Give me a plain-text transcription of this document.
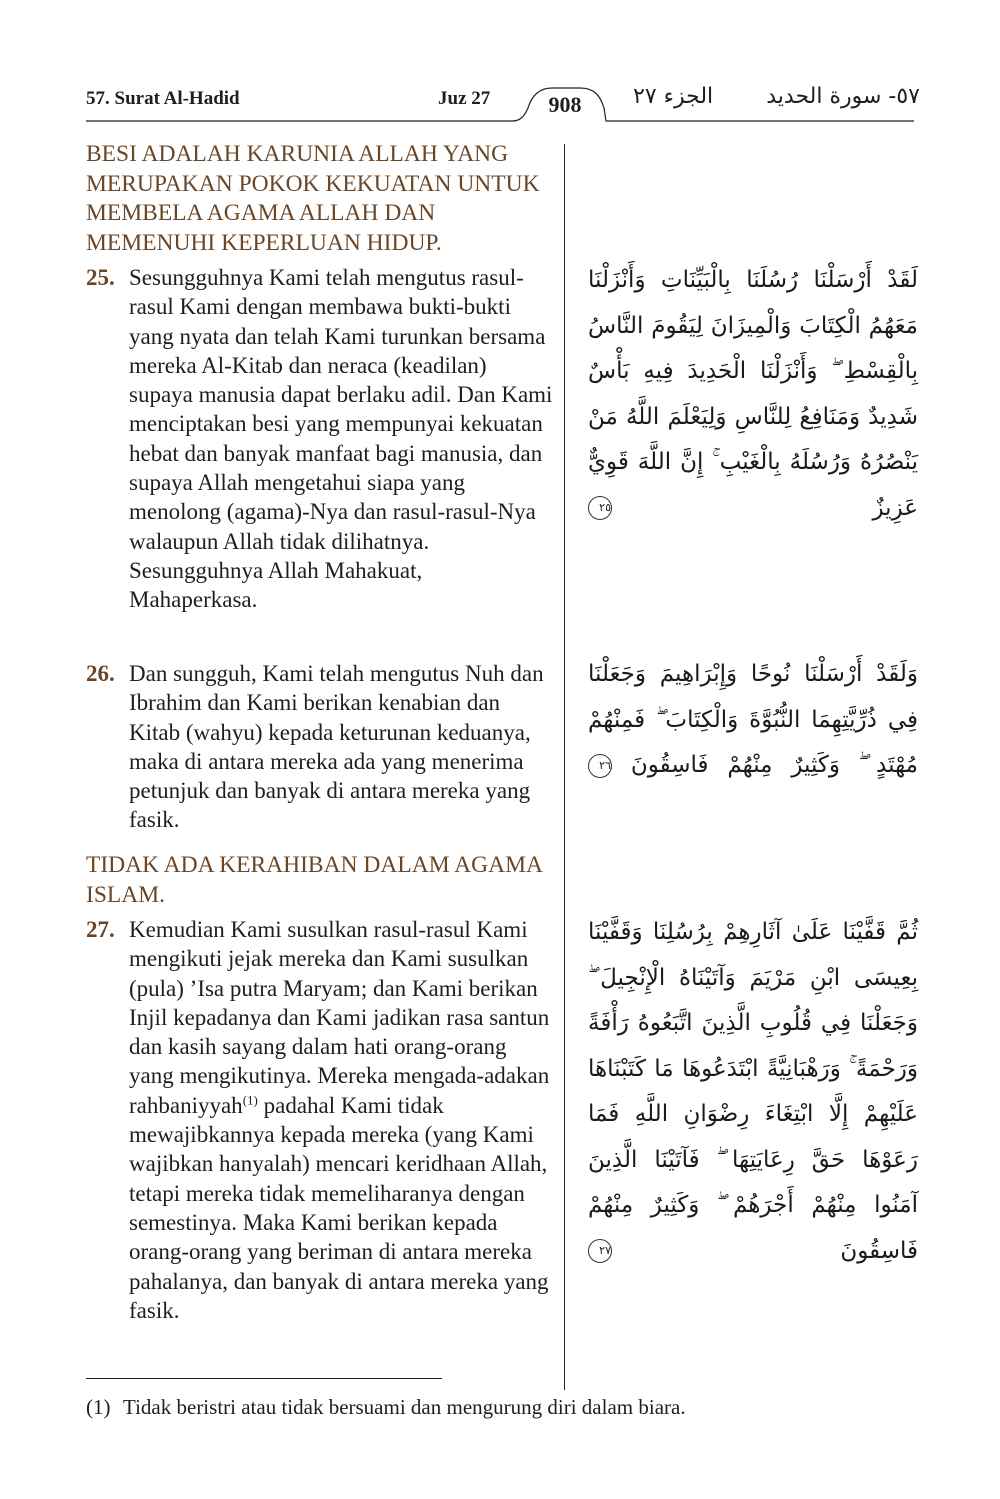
57. Surat Al-Hadid	Juz 27	908	الجزء ٢٧ ٥٧- سورة الحديد
BESI ADALAH KARUNIA ALLAH YANG MERUPAKAN POKOK KEKUATAN UNTUK MEMBELA AGAMA ALLAH DAN MEMENUHI KEPERLUAN HIDUP.
25. Sesungguhnya Kami telah mengutus rasul-rasul Kami dengan membawa bukti-bukti yang nyata dan telah Kami turunkan bersama mereka Al-Kitab dan neraca (keadilan) supaya manusia dapat berlaku adil. Dan Kami menciptakan besi yang mempunyai kekuatan hebat dan banyak manfaat bagi manusia, dan supaya Allah mengetahui siapa yang menolong (agama)-Nya dan rasul-rasul-Nya walaupun Allah tidak dilihatnya. Sesungguhnya Allah Mahakuat, Mahaperkasa.
26. Dan sungguh, Kami telah mengutus Nuh dan Ibrahim dan Kami berikan kenabian dan Kitab (wahyu) kepada keturunan keduanya, maka di antara mereka ada yang menerima petunjuk dan banyak di antara mereka yang fasik.
TIDAK ADA KERAHIBAN DALAM AGAMA ISLAM.
27. Kemudian Kami susulkan rasul-rasul Kami mengikuti jejak mereka dan Kami susulkan (pula) ’Isa putra Maryam; dan Kami berikan Injil kepadanya dan Kami jadikan rasa santun dan kasih sayang dalam hati orang-orang yang mengikutinya. Mereka mengada-adakan rahbaniyyah$^{(1)}$ padahal Kami tidak mewajibkannya kepada mereka (yang Kami wajibkan hanyalah) mencari keridhaan Allah, tetapi mereka tidak memeliharanya dengan semestinya. Maka Kami berikan kepada orang-orang yang beriman di antara mereka pahalanya, dan banyak di antara mereka yang fasik.
لَقَدْ أَرْسَلْنَا رُسُلَنَا بِالْبَيِّنَاتِ وَأَنْزَلْنَا مَعَهُمُ الْكِتَابَ وَالْمِيزَانَ لِيَقُومَ النَّاسُ بِالْقِسْطِ ۖ وَأَنْزَلْنَا الْحَدِيدَ فِيهِ بَأْسٌ شَدِيدٌ وَمَنَافِعُ لِلنَّاسِ وَلِيَعْلَمَ اللَّهُ مَنْ يَنْصُرُهُ وَرُسُلَهُ بِالْغَيْبِ ۚ إِنَّ اللَّهَ قَوِيٌّ عَزِيزٌ ٢٥
وَلَقَدْ أَرْسَلْنَا نُوحًا وَإِبْرَاهِيمَ وَجَعَلْنَا فِي ذُرِّيَّتِهِمَا النُّبُوَّةَ وَالْكِتَابَ ۖ فَمِنْهُمْ مُهْتَدٍ ۖ وَكَثِيرٌ مِنْهُمْ فَاسِقُونَ ٢٦
ثُمَّ قَفَّيْنَا عَلَىٰ آثَارِهِمْ بِرُسُلِنَا وَقَفَّيْنَا بِعِيسَى ابْنِ مَرْيَمَ وَآتَيْنَاهُ الْإِنْجِيلَ ۖ وَجَعَلْنَا فِي قُلُوبِ الَّذِينَ اتَّبَعُوهُ رَأْفَةً وَرَحْمَةً ۚ وَرَهْبَانِيَّةً ابْتَدَعُوهَا مَا كَتَبْنَاهَا عَلَيْهِمْ إِلَّا ابْتِغَاءَ رِضْوَانِ اللَّهِ فَمَا رَعَوْهَا حَقَّ رِعَايَتِهَا ۖ فَآتَيْنَا الَّذِينَ آمَنُوا مِنْهُمْ أَجْرَهُمْ ۖ وَكَثِيرٌ مِنْهُمْ فَاسِقُونَ ٢٧
(1) Tidak beristri atau tidak bersuami dan mengurung diri dalam biara.
